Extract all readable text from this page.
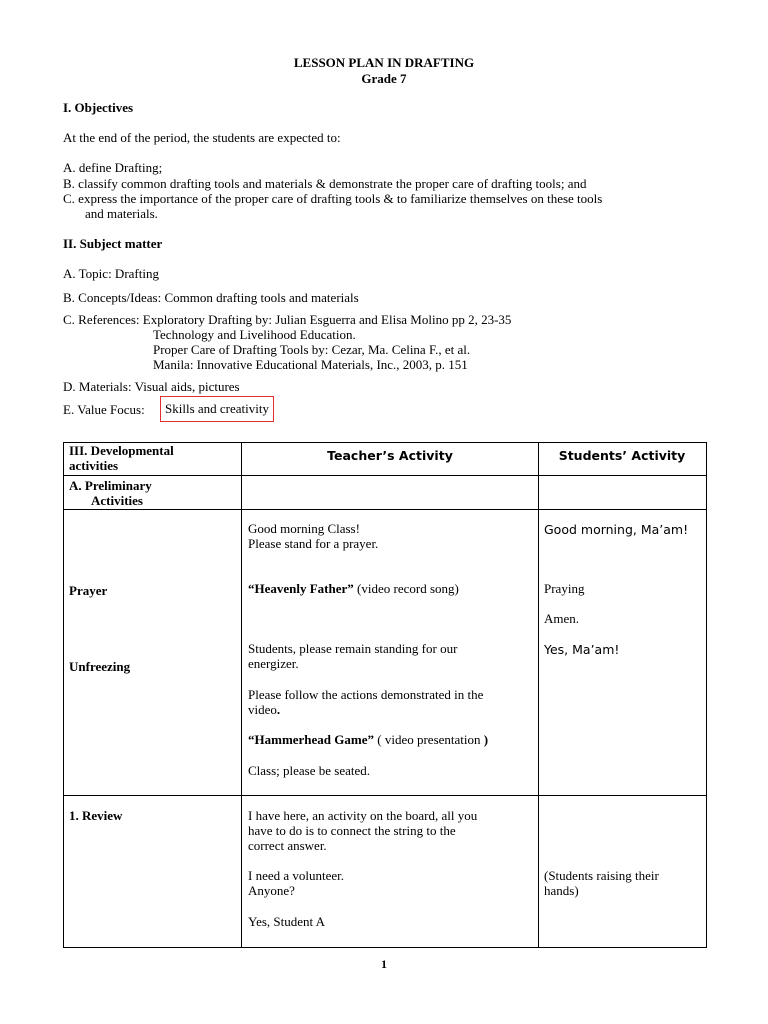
LESSON PLAN IN DRAFTING
Grade 7
I. Objectives
At the end of the period, the students are expected to:
A. define Drafting;
B. classify common drafting tools and materials & demonstrate the proper care of drafting tools; and
C. express the importance of the proper care of drafting tools & to familiarize themselves on these tools
and materials.
II. Subject matter
A. Topic: Drafting
B. Concepts/Ideas: Common drafting tools and materials
C. References: Exploratory Drafting by: Julian Esguerra and Elisa Molino pp 2, 23-35
Technology and Livelihood Education.
Proper Care of Drafting Tools by: Cezar, Ma. Celina F., et al.
Manila: Innovative Educational Materials, Inc., 2003, p. 151
D. Materials: Visual aids, pictures
E. Value Focus:	Skills and creativity
III. Developmental
activities
Teacher’s Activity	Students’ Activity
A. Preliminary
Activities
Prayer
Unfreezing
1. Review
Good morning Class!
Please stand for a prayer.
“Heavenly Father” (video record song)
Students, please remain standing for our
energizer.
Please follow the actions demonstrated in the
video.
“Hammerhead Game” ( video presentation )
Class; please be seated.
I have here, an activity on the board, all you
have to do is to connect the string to the
correct answer.
I need a volunteer.
Anyone?
Yes, Student A
Good morning, Ma’am!
Praying
Amen.
Yes, Ma’am!
(Students raising their
hands)
1
